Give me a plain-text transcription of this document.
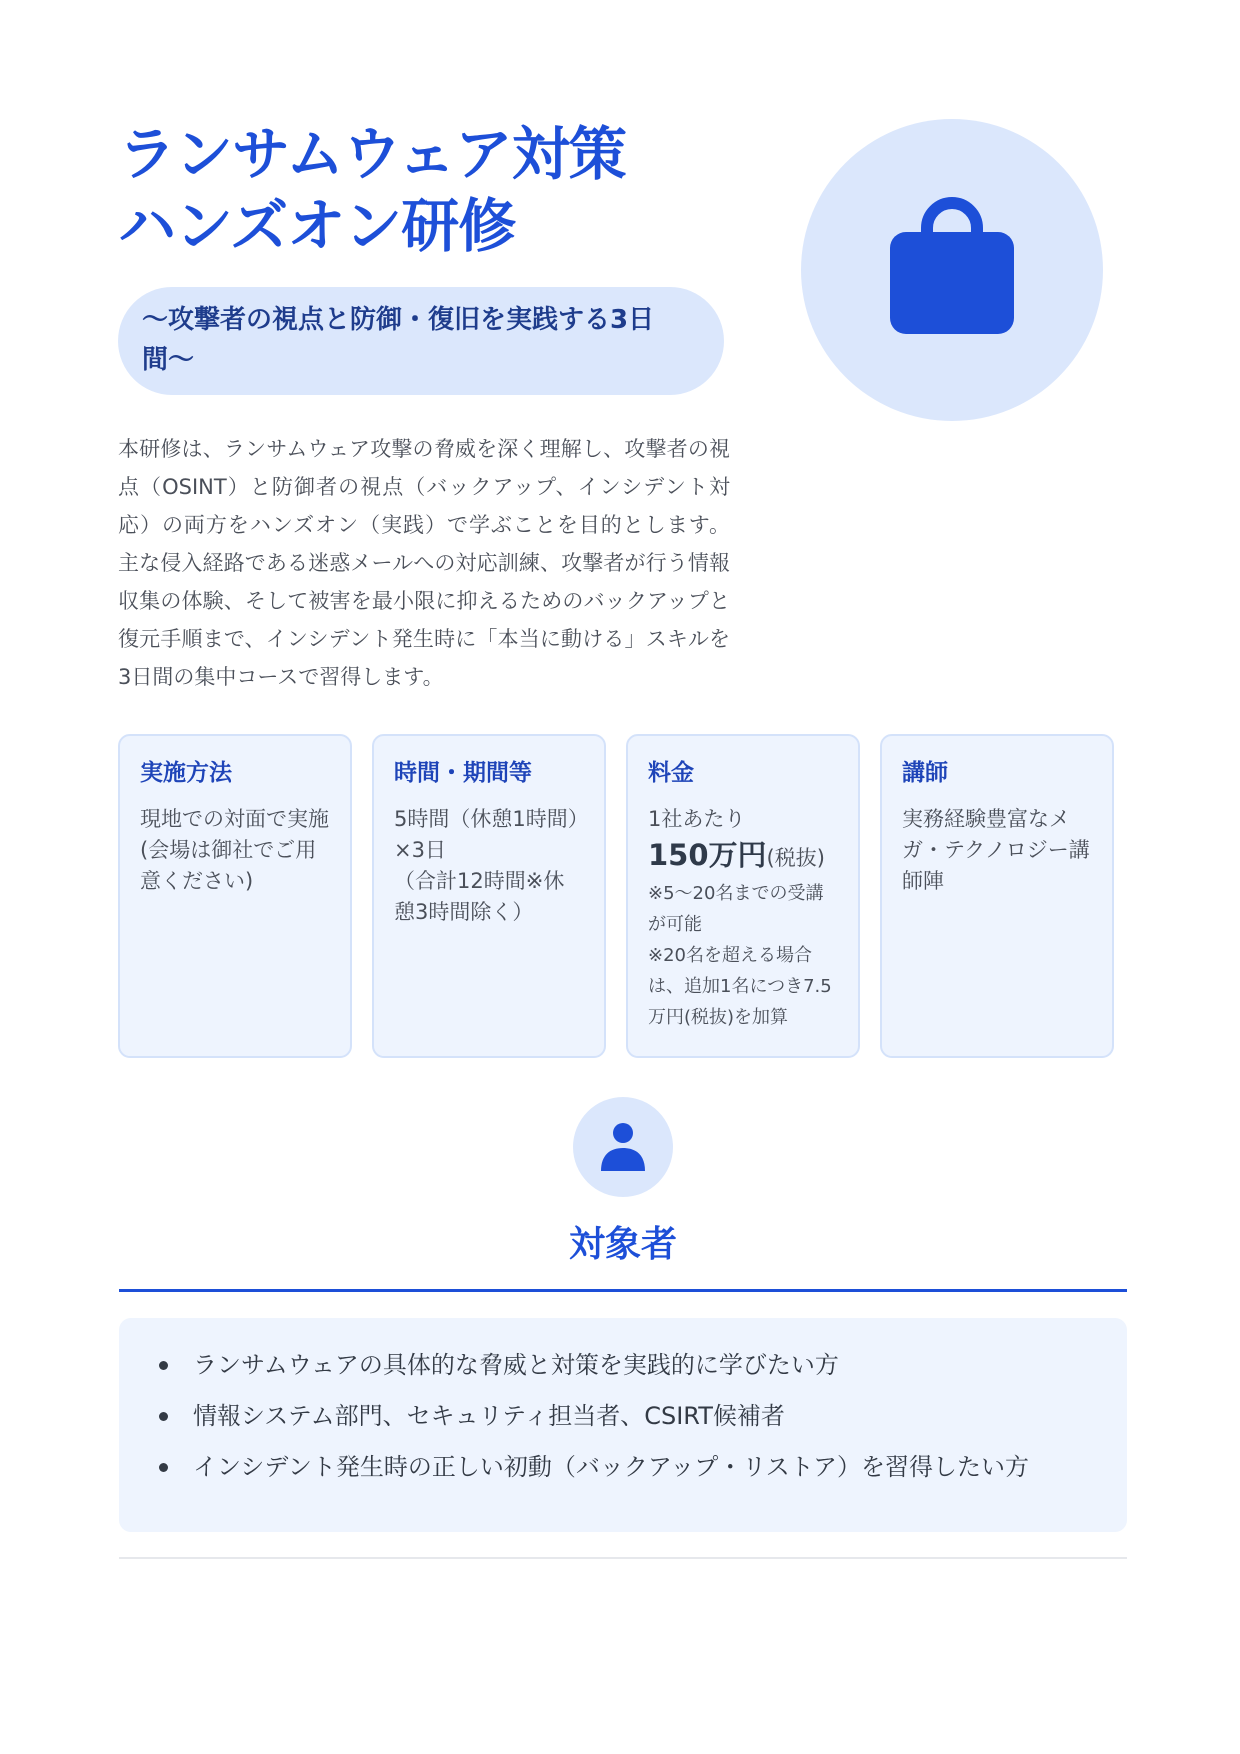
ランサムウェア対策
ハンズオン研修
〜攻撃者の視点と防御・復旧を実践する3日間〜

本研修は、ランサムウェア攻撃の脅威を深く理解し、攻撃者の視点（OSINT）と防御者の視点（バックアップ、インシデント対応）の両方をハンズオン（実践）で学ぶことを目的とします。 主な侵入経路である迷惑メールへの対応訓練、攻撃者が行う情報収集の体験、そして被害を最小限に抑えるためのバックアップと復元手順まで、インシデント発生時に「本当に動ける」スキルを3日間の集中コースで習得します。

実施方法
現地での対面で実施
(会場は御社でご用意ください)
時間・期間等
5時間（休憩1時間）×3日
（合計12時間※休憩3時間除く）
料金
1社あたり
150万円(税抜)
※5〜20名までの受講が可能
※20名を超える場合は、追加1名につき7.5万円(税抜)を加算
講師
実務経験豊富なメガ・テクノロジー講師陣
対象者
ランサムウェアの具体的な脅威と対策を実践的に学びたい方
情報システム部門、セキュリティ担当者、CSIRT候補者
インシデント発生時の正しい初動（バックアップ・リストア）を習得したい方
